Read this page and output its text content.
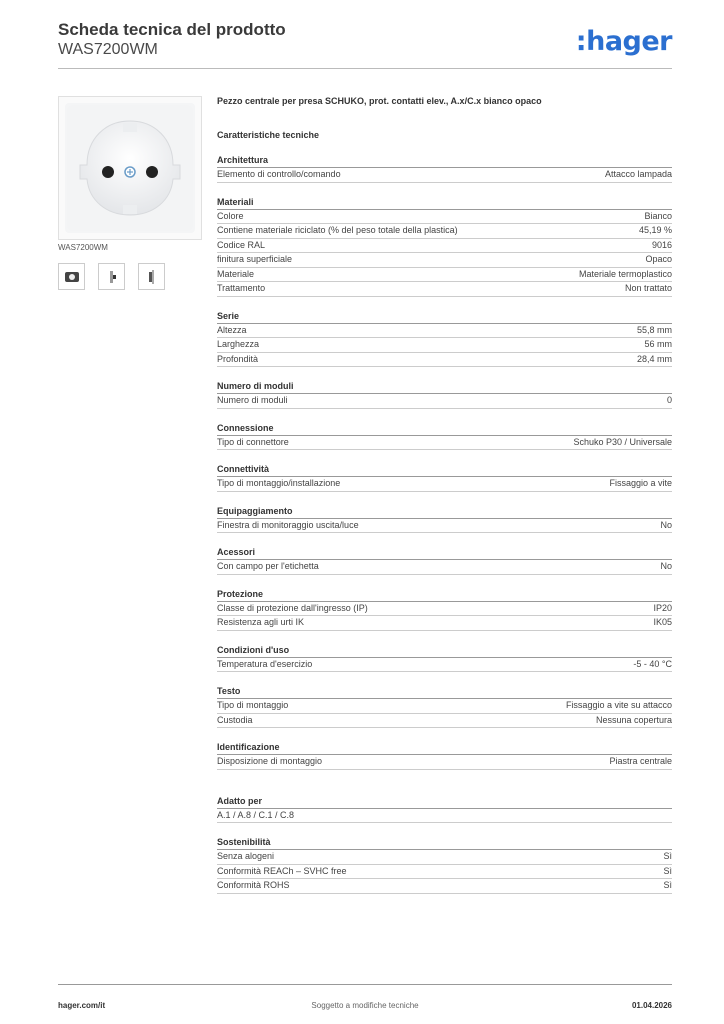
Scheda tecnica del prodotto
WAS7200WM	:hager
WAS7200WM
Pezzo centrale per presa SCHUKO, prot. contatti elev., A.x/C.x bianco opaco
Caratteristiche tecniche
Architettura
Elemento di controllo/comando	Attacco lampada
Materiali
Colore	Bianco
Contiene materiale riciclato (% del peso totale della plastica)	45,19 %
Codice RAL	9016
finitura superficiale	Opaco
Materiale	Materiale termoplastico
Trattamento	Non trattato
Serie
Altezza	55,8 mm
Larghezza	56 mm
Profondità	28,4 mm
Numero di moduli
Numero di moduli	0
Connessione
Tipo di connettore	Schuko P30 / Universale
Connettività
Tipo di montaggio/installazione	Fissaggio a vite
Equipaggiamento
Finestra di monitoraggio uscita/luce	No
Acessori
Con campo per l'etichetta	No
Protezione
Classe di protezione dall'ingresso (IP)	IP20
Resistenza agli urti IK	IK05
Condizioni d'uso
Temperatura d'esercizio	-5 - 40 °C
Testo
Tipo di montaggio	Fissaggio a vite su attacco
Custodia	Nessuna copertura
Identificazione
Disposizione di montaggio	Piastra centrale
Adatto per
A.1 / A.8 / C.1 / C.8
Sostenibilità
Senza alogeni	Sì
Conformità REACh – SVHC free	Sì
Conformità ROHS	Sì
hager.com/it	Soggetto a modifiche tecniche	01.04.2026
